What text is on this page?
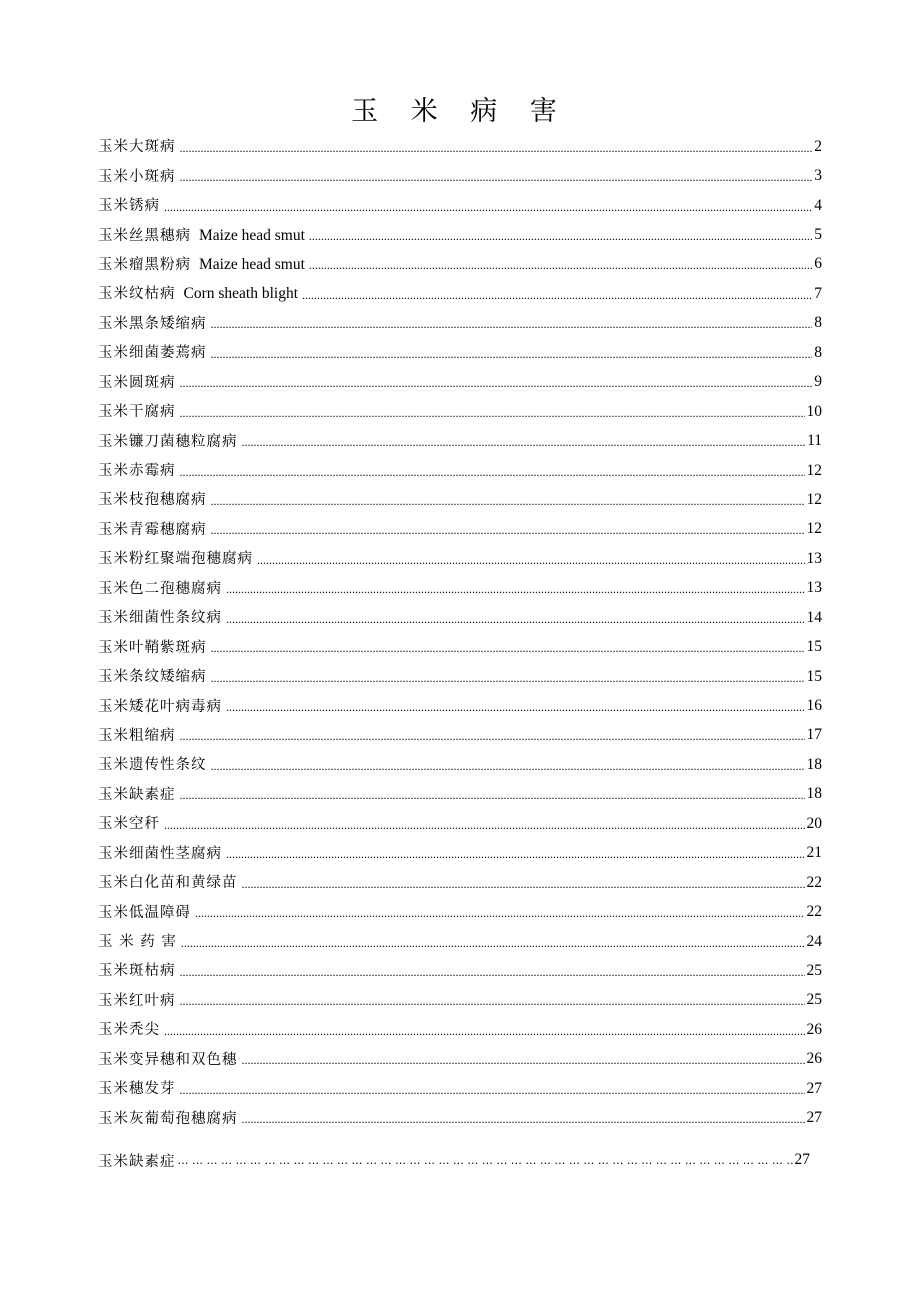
玉 米 病 害
玉米大斑病 .....	2
玉米小斑病 .....	3
玉米锈病 .....	4
玉米丝黑穗病 Maize head smut .....	5
玉米瘤黑粉病 Maize head smut .....	6
玉米纹枯病 Corn sheath blight .....	7
玉米黑条矮缩病 .....	8
玉米细菌萎蔫病 .....	8
玉米圆斑病 .....	9
玉米干腐病 .....	10
玉米镰刀菌穗粒腐病 .....	11
玉米赤霉病 .....	12
玉米枝孢穗腐病 .....	12
玉米青霉穗腐病 .....	12
玉米粉红聚端孢穗腐病 .....	13
玉米色二孢穗腐病 .....	13
玉米细菌性条纹病 .....	14
玉米叶鞘紫斑病 .....	15
玉米条纹矮缩病 .....	15
玉米矮花叶病毒病 .....	16
玉米粗缩病 .....	17
玉米遗传性条纹 .....	18
玉米缺素症 .....	18
玉米空秆 .....	20
玉米细菌性茎腐病 .....	21
玉米白化苗和黄绿苗 .....	22
玉米低温障碍 .....	22
玉 米 药 害 .....	24
玉米斑枯病 .....	25
玉米红叶病 .....	25
玉米秃尖 .....	26
玉米变异穗和双色穗 .....	26
玉米穗发芽 .....	27
玉米灰葡萄孢穗腐病 .....	27
玉米缺素症 … … … … … … … … … … … … … … … … … … … … … … … … … … … … … … … … … … … … … … … … … … … … … … … … … … … … … … … … … … … … … … … …	27
